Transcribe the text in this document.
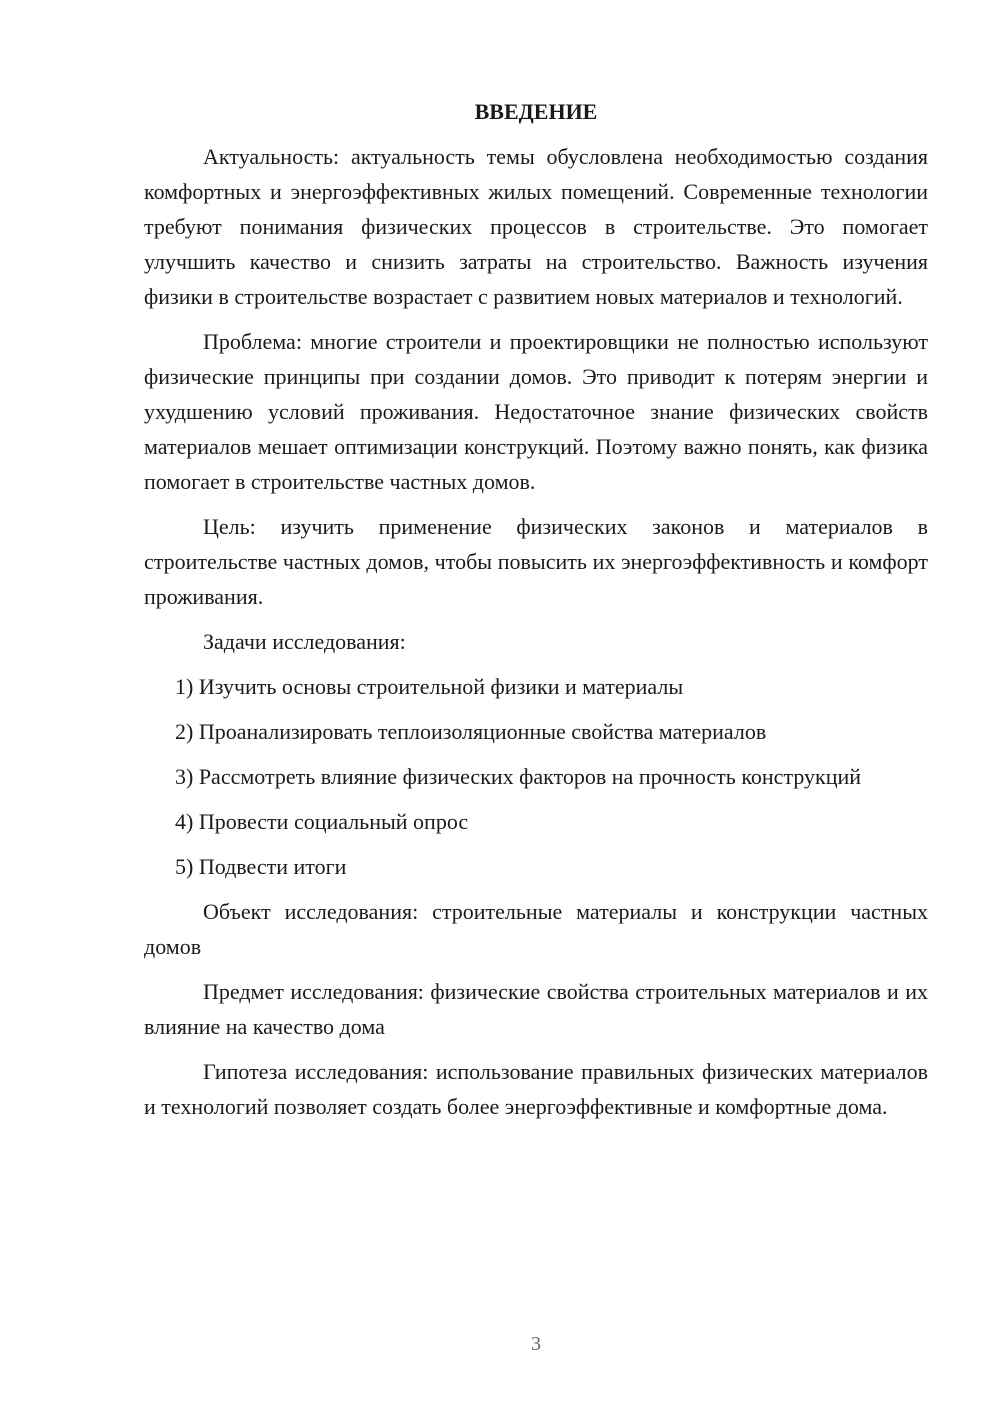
ВВЕДЕНИЕ

Актуальность: актуальность темы обусловлена необходимостью создания комфортных и энергоэффективных жилых помещений. Современные технологии требуют понимания физических процессов в строительстве. Это помогает улучшить качество и снизить затраты на строительство. Важность изучения физики в строительстве возрастает с развитием новых материалов и технологий.

Проблема: многие строители и проектировщики не полностью используют физические принципы при создании домов. Это приводит к потерям энергии и ухудшению условий проживания. Недостаточное знание физических свойств материалов мешает оптимизации конструкций. Поэтому важно понять, как физика помогает в строительстве частных домов.

Цель: изучить применение физических законов и материалов в строительстве частных домов, чтобы повысить их энергоэффективность и комфорт проживания.

Задачи исследования:

1) Изучить основы строительной физики и материалы

2) Проанализировать теплоизоляционные свойства материалов

3) Рассмотреть влияние физических факторов на прочность конструкций

4) Провести социальный опрос

5) Подвести итоги

Объект исследования: строительные материалы и конструкции частных домов

Предмет исследования: физические свойства строительных материалов и их влияние на качество дома

Гипотеза исследования: использование правильных физических материалов и технологий позволяет создать более энергоэффективные и комфортные дома.

3
